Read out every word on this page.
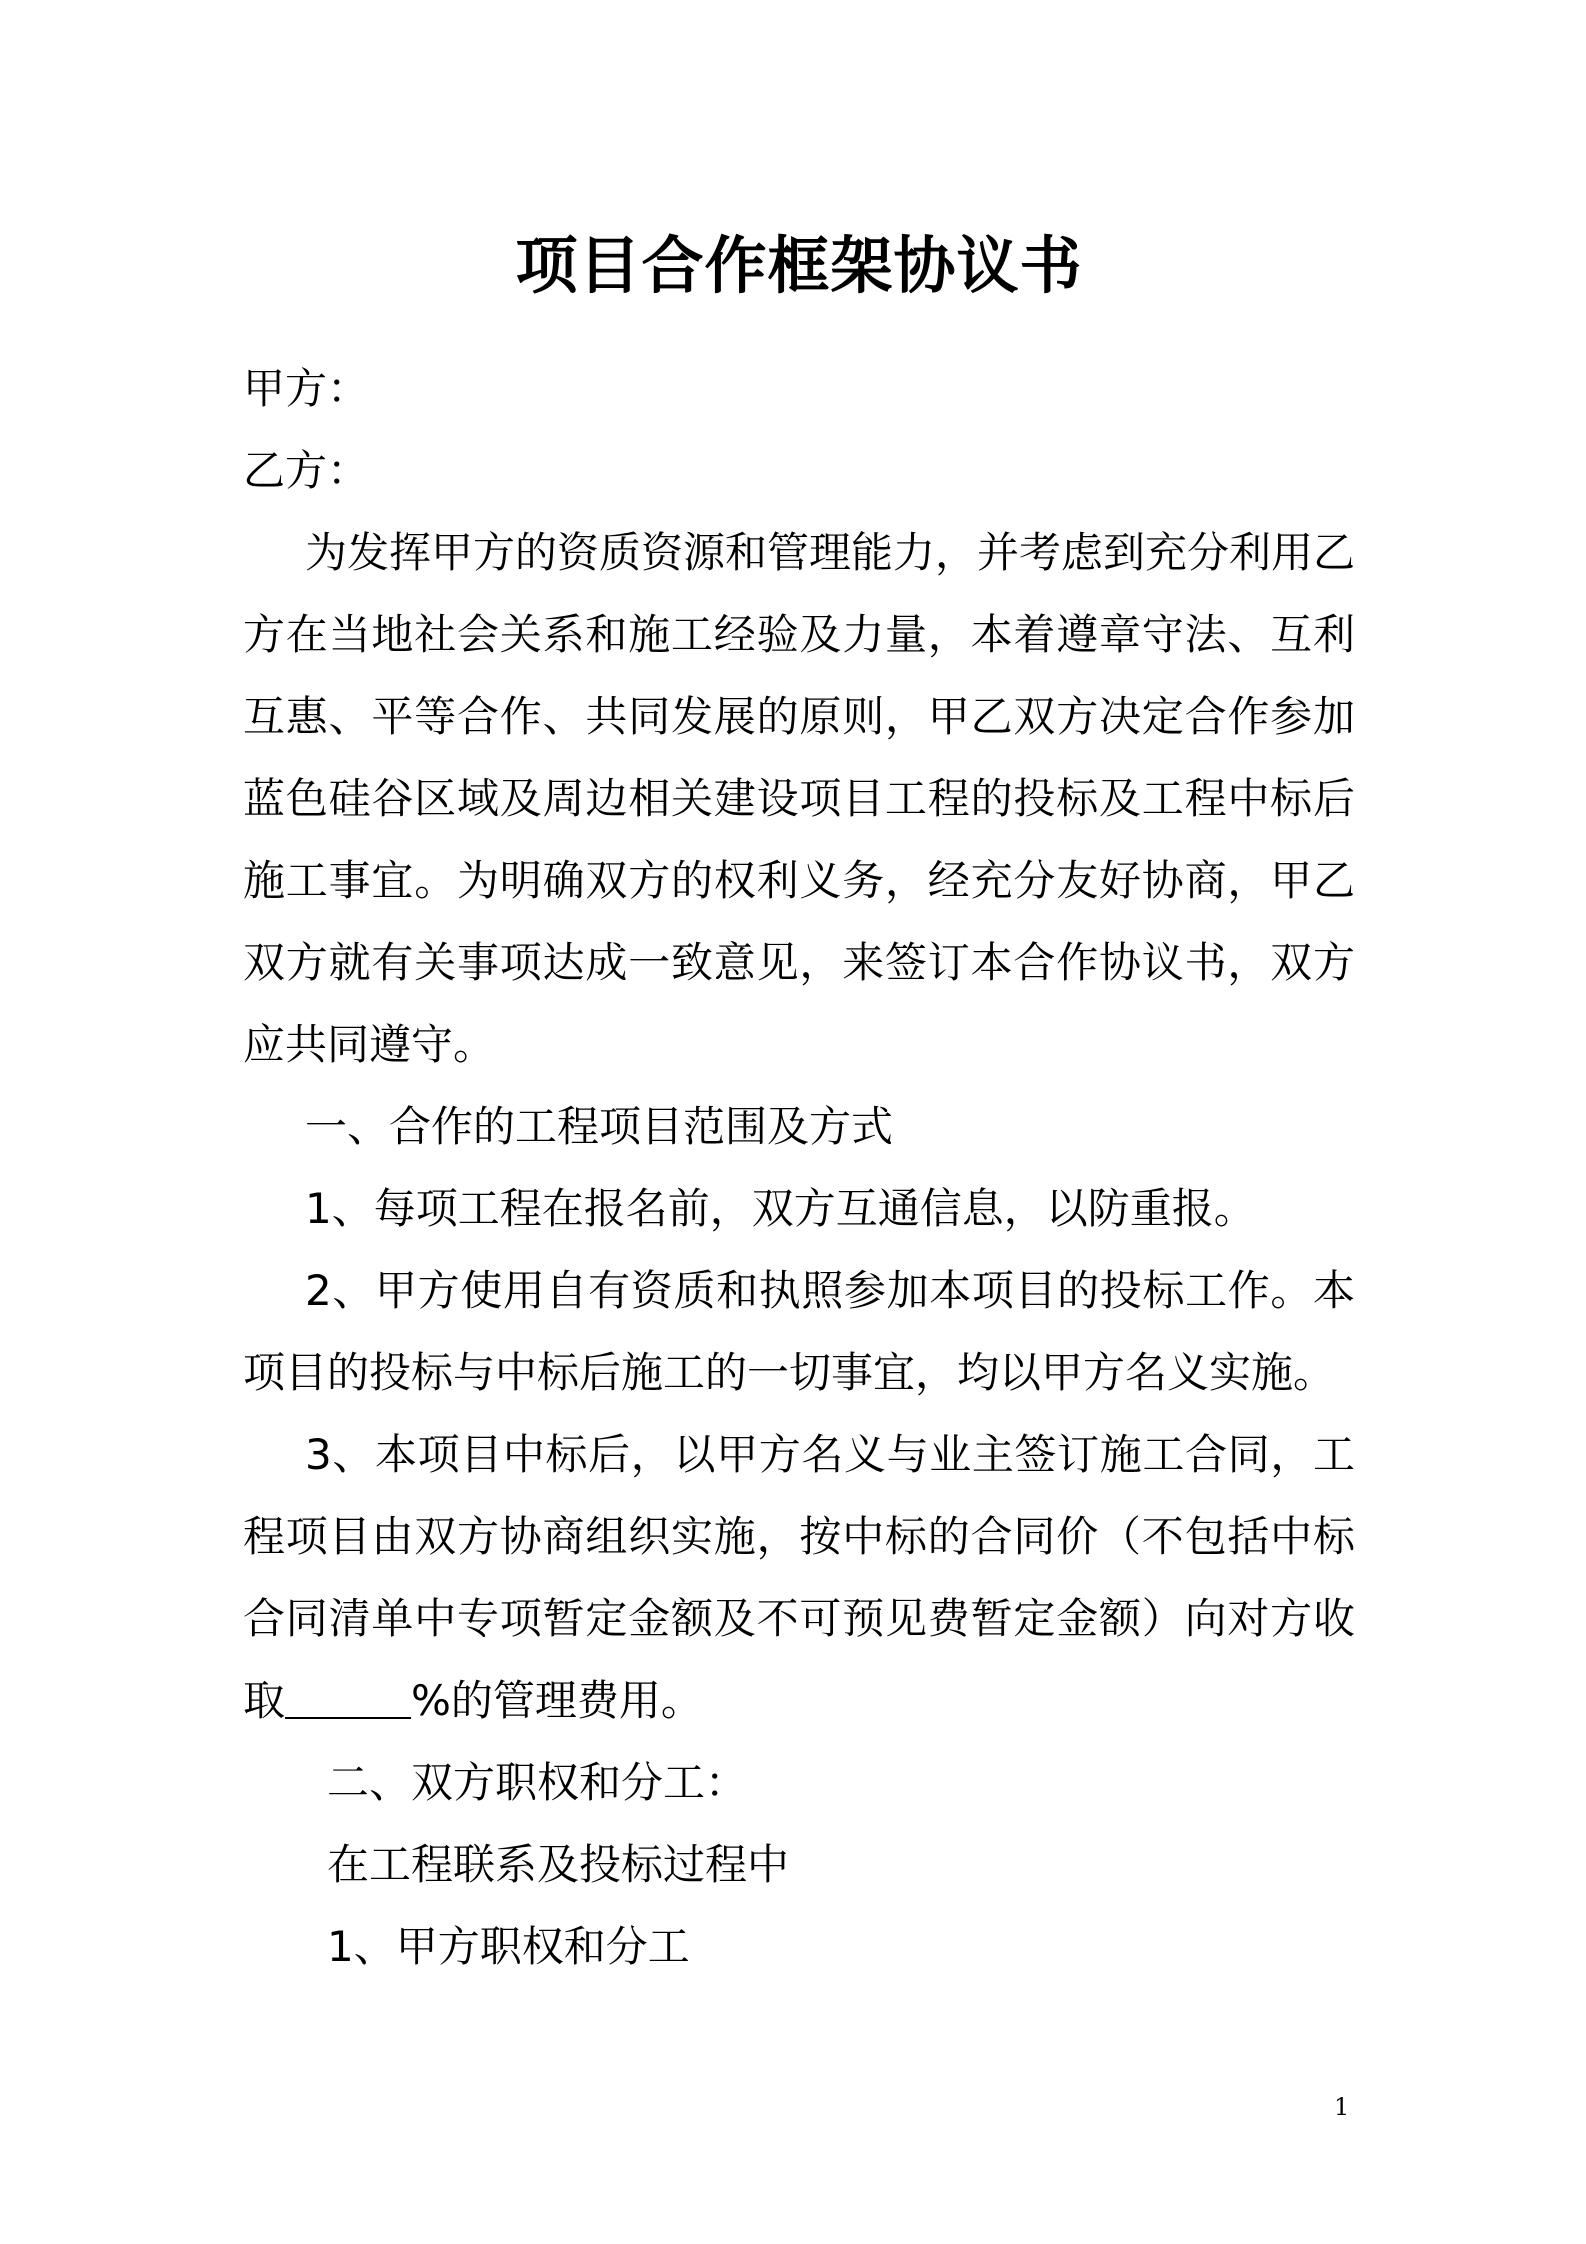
项目合作框架协议书

甲方：

乙方：

为发挥甲方的资质资源和管理能力，并考虑到充分利用乙方在当地社会关系和施工经验及力量，本着遵章守法、互利互惠、平等合作、共同发展的原则，甲乙双方决定合作参加蓝色硅谷区域及周边相关建设项目工程的投标及工程中标后施工事宜。为明确双方的权利义务，经充分友好协商，甲乙双方就有关事项达成一致意见，来签订本合作协议书，双方应共同遵守。

一、合作的工程项目范围及方式

1、每项工程在报名前，双方互通信息，以防重报。

2、甲方使用自有资质和执照参加本项目的投标工作。本项目的投标与中标后施工的一切事宜，均以甲方名义实施。

3、本项目中标后，以甲方名义与业主签订施工合同，工程项目由双方协商组织实施，按中标的合同价（不包括中标合同清单中专项暂定金额及不可预见费暂定金额）向对方收取	%的管理费用。

二、双方职权和分工：

在工程联系及投标过程中

1、甲方职权和分工

1
